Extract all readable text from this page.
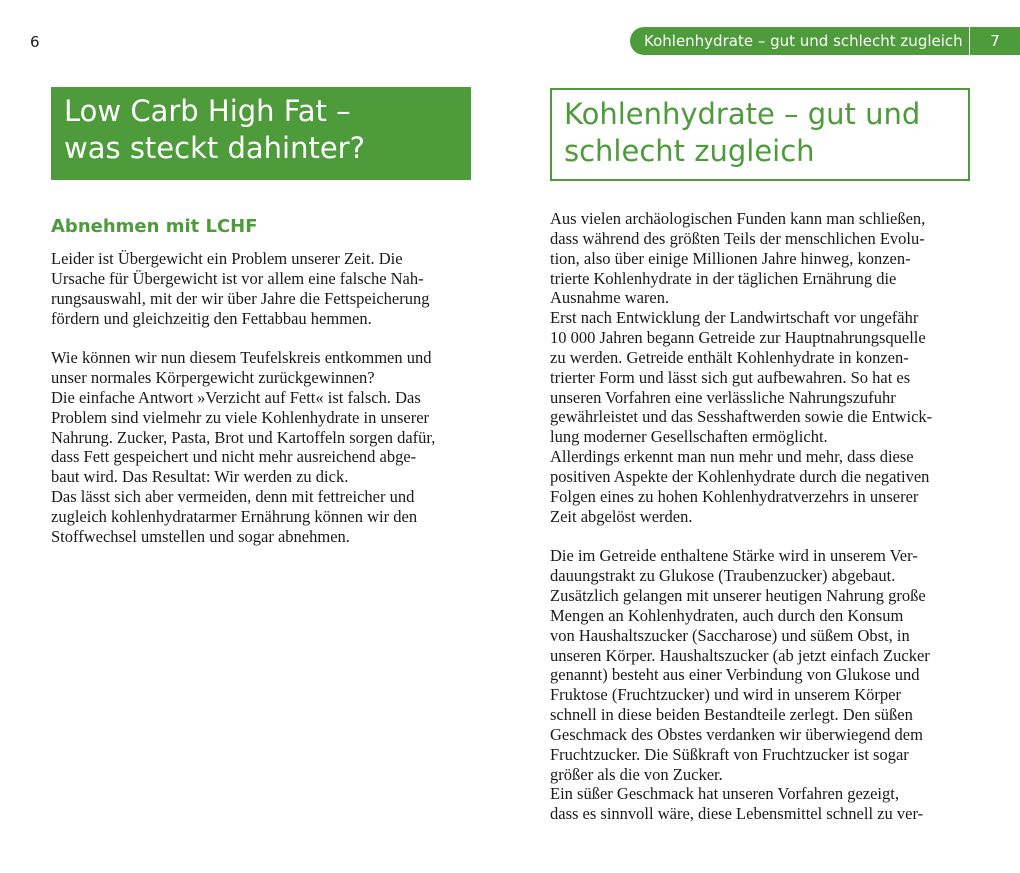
6
Low Carb High Fat –
was steckt dahinter?
Abnehmen mit LCHF
Leider ist Übergewicht ein Problem unserer Zeit. Die
Ursache für Übergewicht ist vor allem eine falsche Nah-
rungsauswahl, mit der wir über Jahre die Fettspeicherung
fördern und gleichzeitig den Fettabbau hemmen.
Wie können wir nun diesem Teufelskreis entkommen und
unser normales Körpergewicht zurückgewinnen?
Die einfache Antwort »Verzicht auf Fett« ist falsch. Das
Problem sind vielmehr zu viele Kohlenhydrate in unserer
Nahrung. Zucker, Pasta, Brot und Kartoffeln sorgen dafür,
dass Fett gespeichert und nicht mehr ausreichend abge-
baut wird. Das Resultat: Wir werden zu dick.
Das lässt sich aber vermeiden, denn mit fettreicher und
zugleich kohlenhydratarmer Ernährung können wir den
Stoffwechsel umstellen und sogar abnehmen.
Kohlenhydrate – gut und schlecht zugleich	7
Kohlenhydrate – gut und
schlecht zugleich
Aus vielen archäologischen Funden kann man schließen,
dass während des größten Teils der menschlichen Evolu-
tion, also über einige Millionen Jahre hinweg, konzen-
trierte Kohlenhydrate in der täglichen Ernährung die
Ausnahme waren.
Erst nach Entwicklung der Landwirtschaft vor ungefähr
10 000 Jahren begann Getreide zur Hauptnahrungsquelle
zu werden. Getreide enthält Kohlenhydrate in konzen-
trierter Form und lässt sich gut aufbewahren. So hat es
unseren Vorfahren eine verlässliche Nahrungszufuhr
gewährleistet und das Sesshaftwerden sowie die Entwick-
lung moderner Gesellschaften ermöglicht.
Allerdings erkennt man nun mehr und mehr, dass diese
positiven Aspekte der Kohlenhydrate durch die negativen
Folgen eines zu hohen Kohlenhydratverzehrs in unserer
Zeit abgelöst werden.
Die im Getreide enthaltene Stärke wird in unserem Ver-
dauungstrakt zu Glukose (Traubenzucker) abgebaut.
Zusätzlich gelangen mit unserer heutigen Nahrung große
Mengen an Kohlenhydraten, auch durch den Konsum
von Haushaltszucker (Saccharose) und süßem Obst, in
unseren Körper. Haushaltszucker (ab jetzt einfach Zucker
genannt) besteht aus einer Verbindung von Glukose und
Fruktose (Fruchtzucker) und wird in unserem Körper
schnell in diese beiden Bestandteile zerlegt. Den süßen
Geschmack des Obstes verdanken wir überwiegend dem
Fruchtzucker. Die Süßkraft von Fruchtzucker ist sogar
größer als die von Zucker.
Ein süßer Geschmack hat unseren Vorfahren gezeigt,
dass es sinnvoll wäre, diese Lebensmittel schnell zu ver-
